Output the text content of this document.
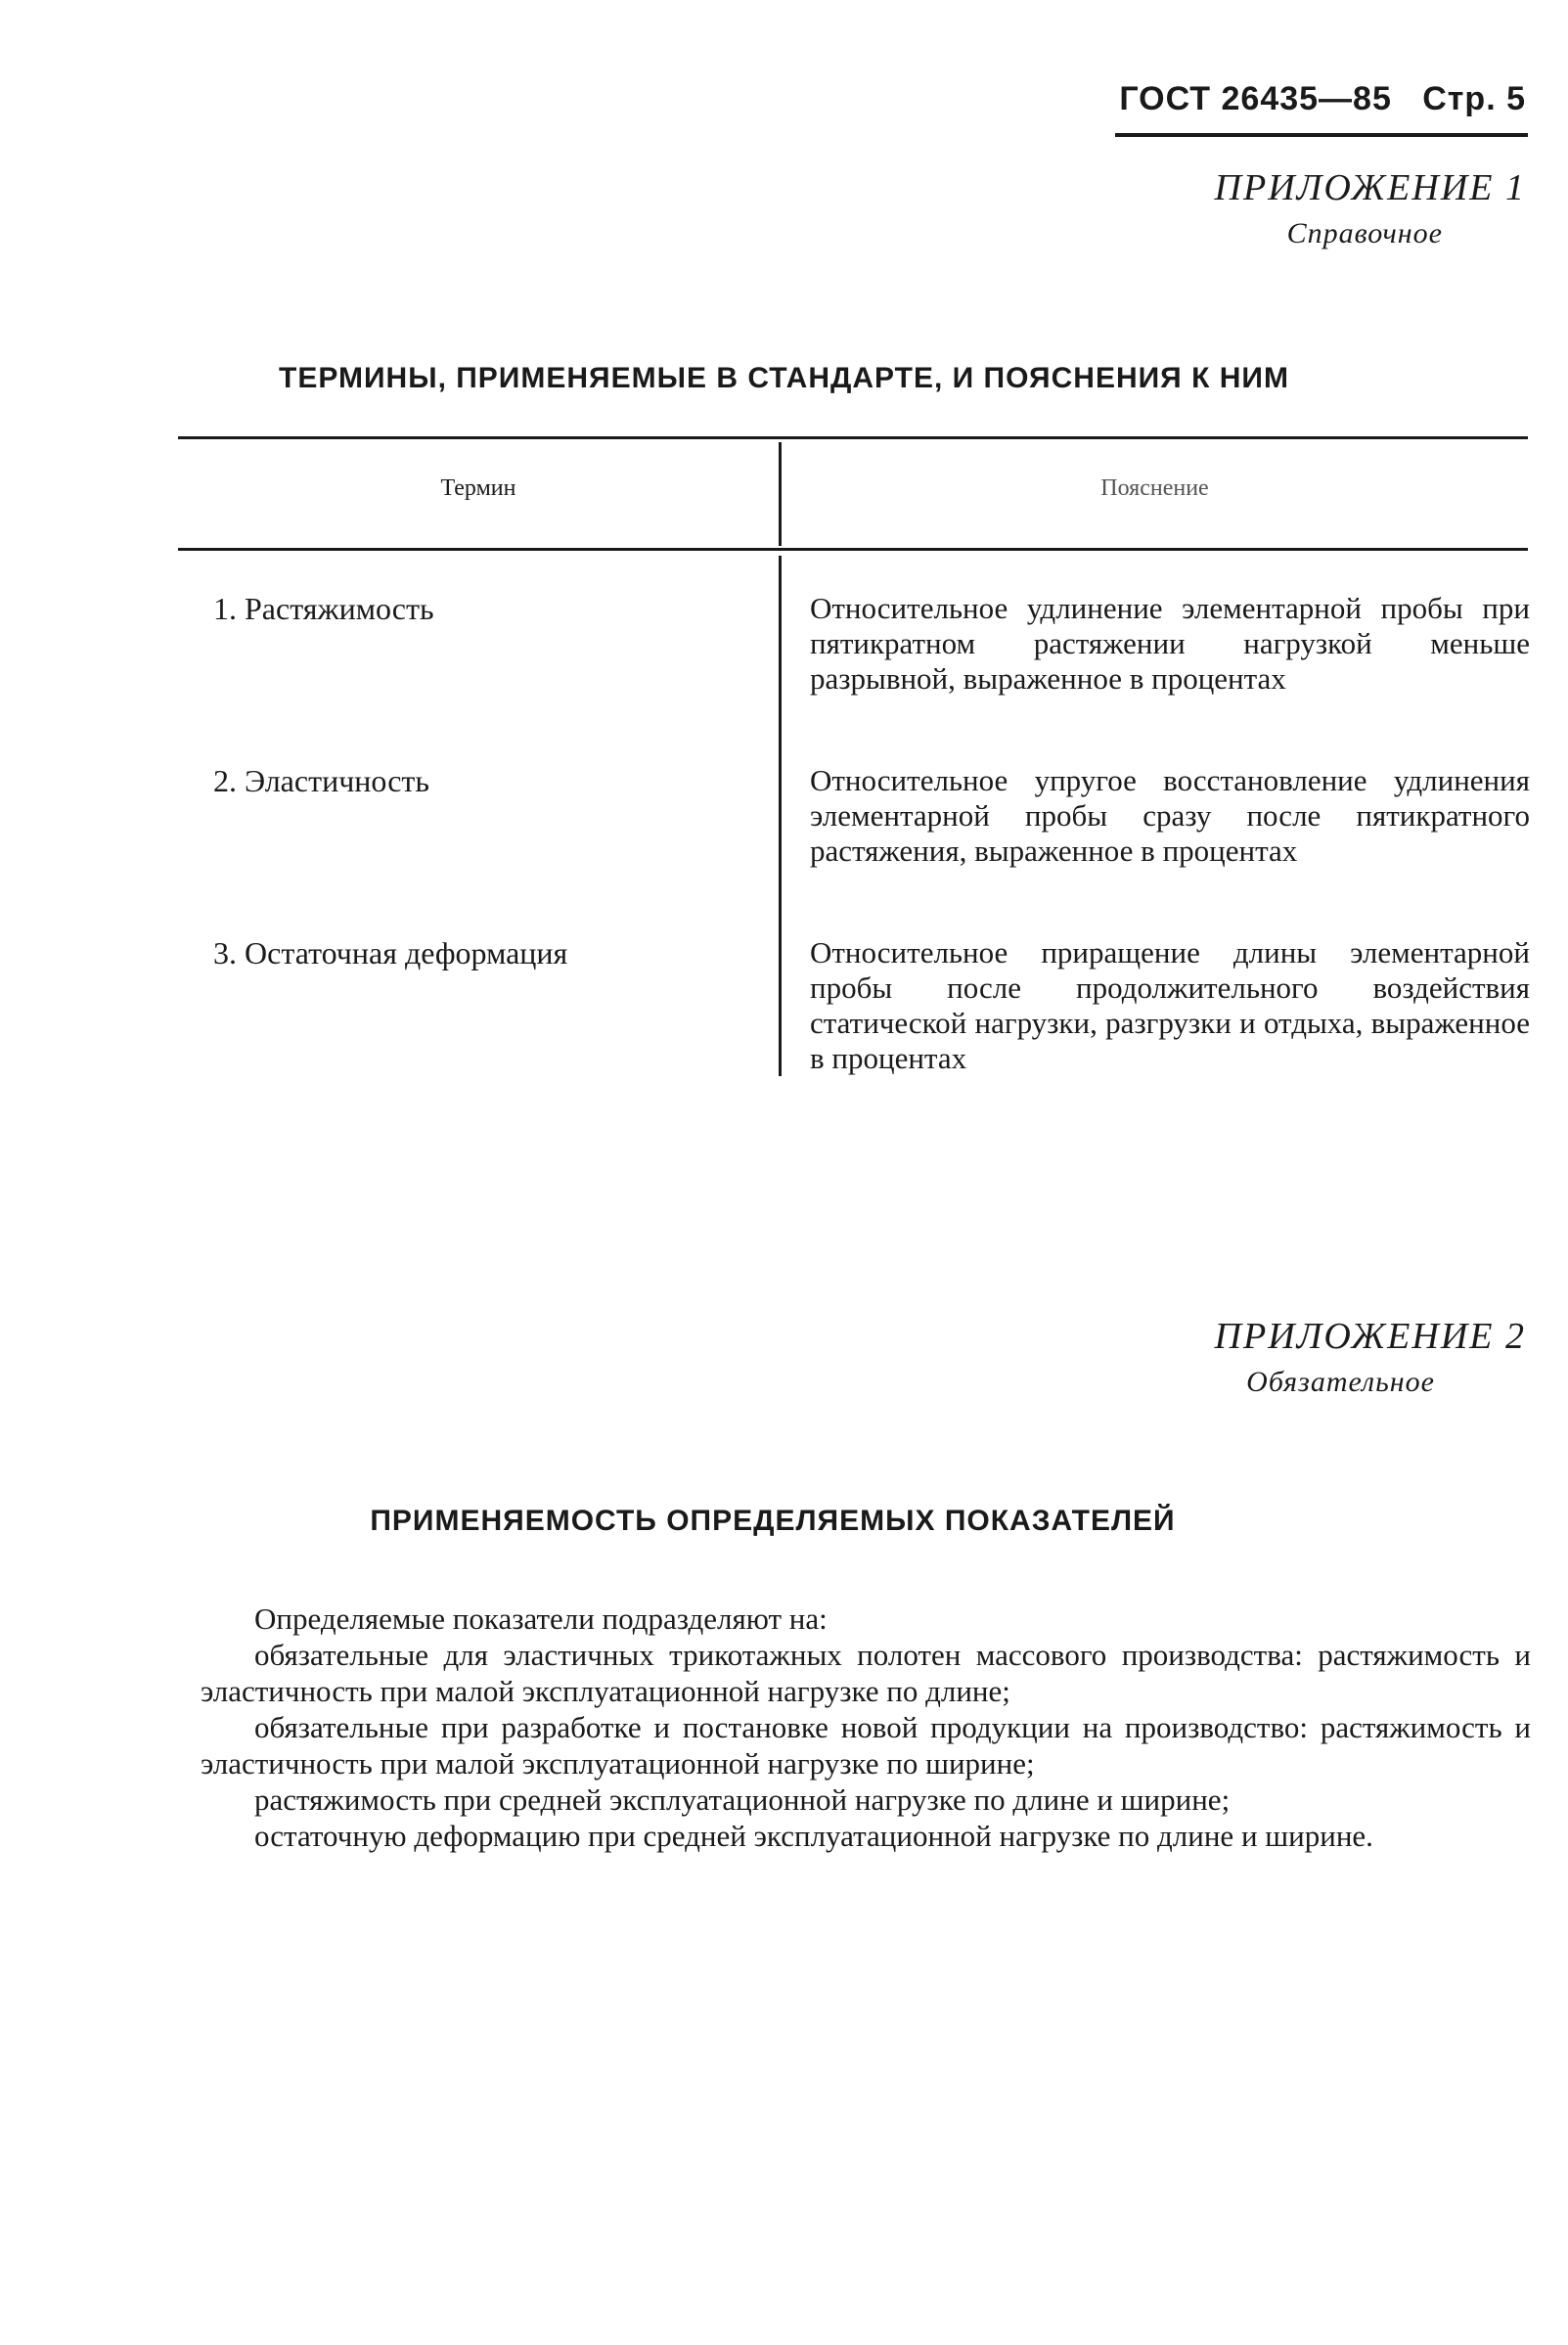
ГОСТ 26435—85 Стр. 5
ПРИЛОЖЕНИЕ 1
Справочное
ТЕРМИНЫ, ПРИМЕНЯЕМЫЕ В СТАНДАРТЕ, И ПОЯСНЕНИЯ К НИМ
Термин	Пояснение
1. Растяжимость	Относительное удлинение элементарной пробы при пятикратном растяжении нагрузкой меньше разрывной, выраженное в процентах
2. Эластичность	Относительное упругое восстановление удлинения элементарной пробы сразу после пятикратного растяжения, выраженное в процентах
3. Остаточная деформация	Относительное приращение длины элементарной пробы после продолжительного воздействия статической нагрузки, разгрузки и отдыха, выраженное в процентах
ПРИЛОЖЕНИЕ 2
Обязательное
ПРИМЕНЯЕМОСТЬ ОПРЕДЕЛЯЕМЫХ ПОКАЗАТЕЛЕЙ

Определяемые показатели подразделяют на:

обязательные для эластичных трикотажных полотен массового производства: растяжимость и эластичность при малой эксплуатационной нагрузке по длине;

обязательные при разработке и постановке новой продукции на производство: растяжимость и эластичность при малой эксплуатационной нагрузке по ширине;

растяжимость при средней эксплуатационной нагрузке по длине и ширине;

остаточную деформацию при средней эксплуатационной нагрузке по длине и ширине.
